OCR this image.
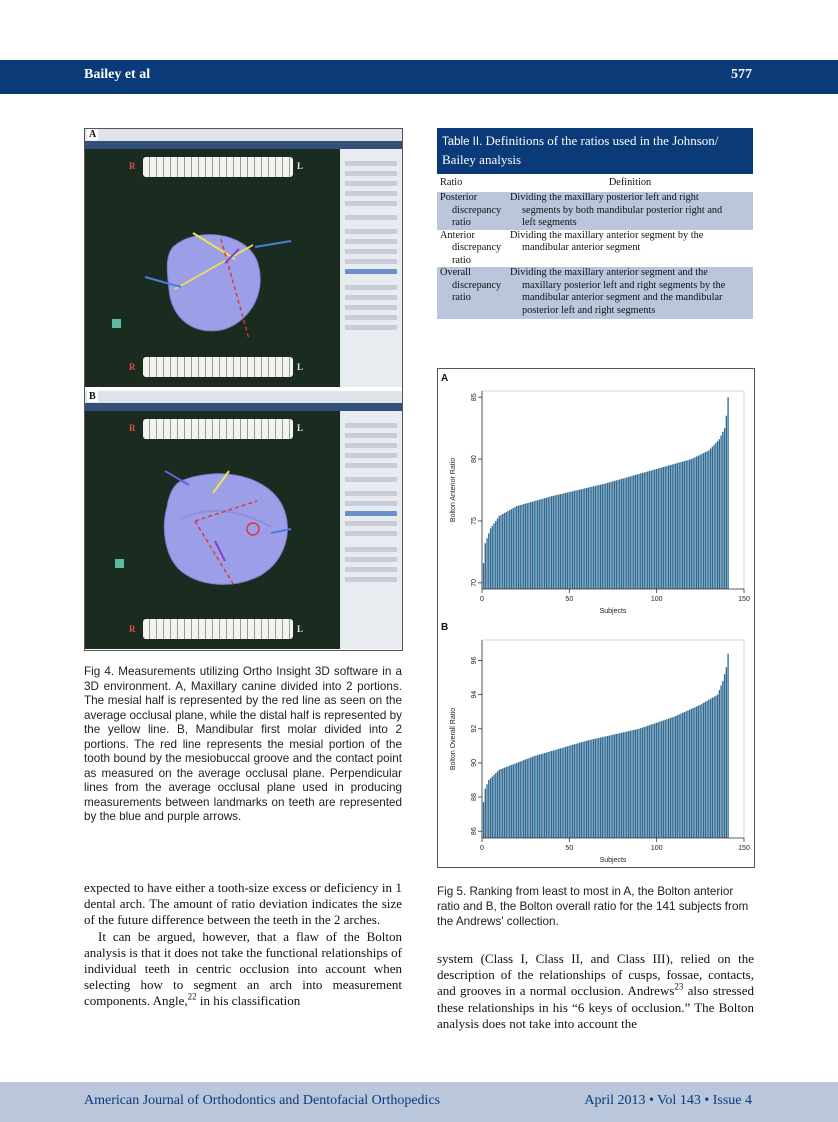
Bailey et al	577
R	L
R	L
A
R	L
R	L
B
Fig 4. Measurements utilizing Ortho Insight 3D software in a 3D environment. A, Maxillary canine divided into 2 portions. The mesial half is represented by the red line as seen on the average occlusal plane, while the distal half is represented by the yellow line. B, Mandibular first molar divided into 2 portions. The red line represents the mesial portion of the tooth bound by the mesiobuccal groove and the contact point as measured on the average occlusal plane. Perpendicular lines from the average occlusal plane used in producing measurements between landmarks on teeth are represented by the blue and purple arrows.

expected to have either a tooth-size excess or deficiency in 1 dental arch. The amount of ratio deviation indicates the size of the future difference between the teeth in the 2 arches.

It can be argued, however, that a flaw of the Bolton analysis is that it does not take the functional relationships of individual teeth in centric occlusion into account when selecting how to segment an arch into measurement components. Angle,$^{22}$ in his classification

Table II. Definitions of the ratios used in the Johnson/ Bailey analysis
Ratio	Definition

Posterior
discrepancy
ratio	Dividing the maxillary posterior left and right
segments by both mandibular posterior right and
left segments

Anterior
discrepancy
ratio	Dividing the maxillary anterior segment by the
mandibular anterior segment

Overall
discrepancy
ratio	Dividing the maxillary anterior segment and the
maxillary posterior left and right segments by the
mandibular anterior segment and the mandibular
posterior left and right segments
A
0	50	100	150
70
75
80
85
Subjects
Bolton Anterior Ratio
B
0	50	100	150
86
88
90
92
94
96
Subjects
Bolton Overall Ratio
Fig 5. Ranking from least to most in A, the Bolton anterior ratio and B, the Bolton overall ratio for the 141 subjects from the Andrews' collection.

system (Class I, Class II, and Class III), relied on the description of the relationships of cusps, fossae, contacts, and grooves in a normal occlusion. Andrews$^{23}$ also stressed these relationships in his “6 keys of occlusion.” The Bolton analysis does not take into account the

American Journal of Orthodontics and Dentofacial Orthopedics	April 2013 • Vol 143 • Issue 4
